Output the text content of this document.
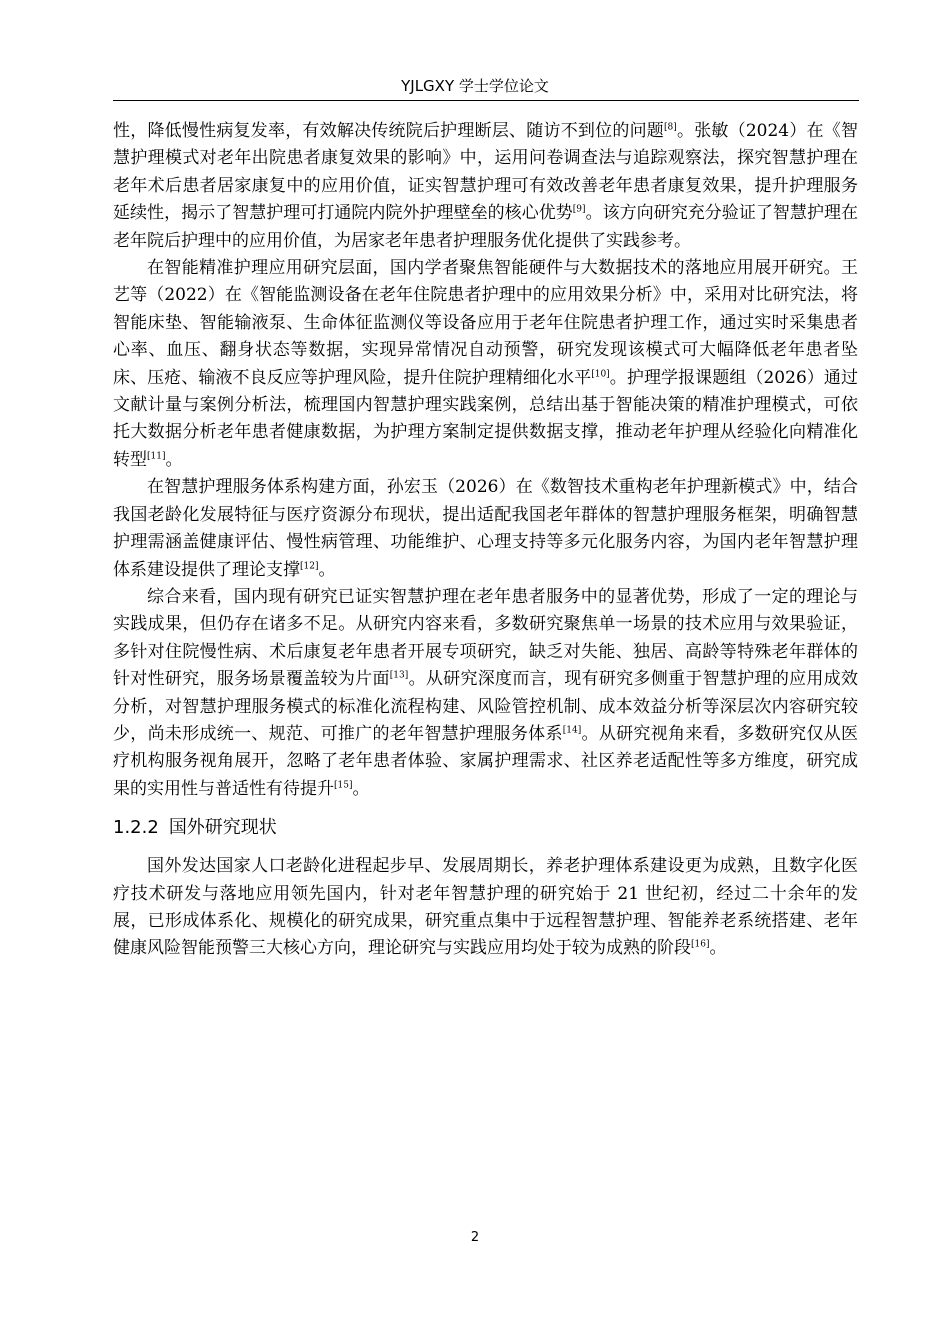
YJLGXY 学士学位论文

性，降低慢性病复发率，有效解决传统院后护理断层、随访不到位的问题[8]。张敏（2024）在《智慧护理模式对老年出院患者康复效果的影响》中，运用问卷调查法与追踪观察法，探究智慧护理在老年术后患者居家康复中的应用价值，证实智慧护理可有效改善老年患者康复效果，提升护理服务延续性，揭示了智慧护理可打通院内院外护理壁垒的核心优势[9]。该方向研究充分验证了智慧护理在老年院后护理中的应用价值，为居家老年患者护理服务优化提供了实践参考。

在智能精准护理应用研究层面，国内学者聚焦智能硬件与大数据技术的落地应用展开研究。王艺等（2022）在《智能监测设备在老年住院患者护理中的应用效果分析》中，采用对比研究法，将智能床垫、智能输液泵、生命体征监测仪等设备应用于老年住院患者护理工作，通过实时采集患者心率、血压、翻身状态等数据，实现异常情况自动预警，研究发现该模式可大幅降低老年患者坠床、压疮、输液不良反应等护理风险，提升住院护理精细化水平[10]。护理学报课题组（2026）通过文献计量与案例分析法，梳理国内智慧护理实践案例，总结出基于智能决策的精准护理模式，可依托大数据分析老年患者健康数据，为护理方案制定提供数据支撑，推动老年护理从经验化向精准化转型[11]。

在智慧护理服务体系构建方面，孙宏玉（2026）在《数智技术重构老年护理新模式》中，结合我国老龄化发展特征与医疗资源分布现状，提出适配我国老年群体的智慧护理服务框架，明确智慧护理需涵盖健康评估、慢性病管理、功能维护、心理支持等多元化服务内容，为国内老年智慧护理体系建设提供了理论支撑[12]。

综合来看，国内现有研究已证实智慧护理在老年患者服务中的显著优势，形成了一定的理论与实践成果，但仍存在诸多不足。从研究内容来看，多数研究聚焦单一场景的技术应用与效果验证，多针对住院慢性病、术后康复老年患者开展专项研究，缺乏对失能、独居、高龄等特殊老年群体的针对性研究，服务场景覆盖较为片面[13]。从研究深度而言，现有研究多侧重于智慧护理的应用成效分析，对智慧护理服务模式的标准化流程构建、风险管控机制、成本效益分析等深层次内容研究较少，尚未形成统一、规范、可推广的老年智慧护理服务体系[14]。从研究视角来看，多数研究仅从医疗机构服务视角展开，忽略了老年患者体验、家属护理需求、社区养老适配性等多方维度，研究成果的实用性与普适性有待提升[15]。

1.2.2 国外研究现状

国外发达国家人口老龄化进程起步早、发展周期长，养老护理体系建设更为成熟，且数字化医疗技术研发与落地应用领先国内，针对老年智慧护理的研究始于 21 世纪初，经过二十余年的发展，已形成体系化、规模化的研究成果，研究重点集中于远程智慧护理、智能养老系统搭建、老年健康风险智能预警三大核心方向，理论研究与实践应用均处于较为成熟的阶段[16]。

2
